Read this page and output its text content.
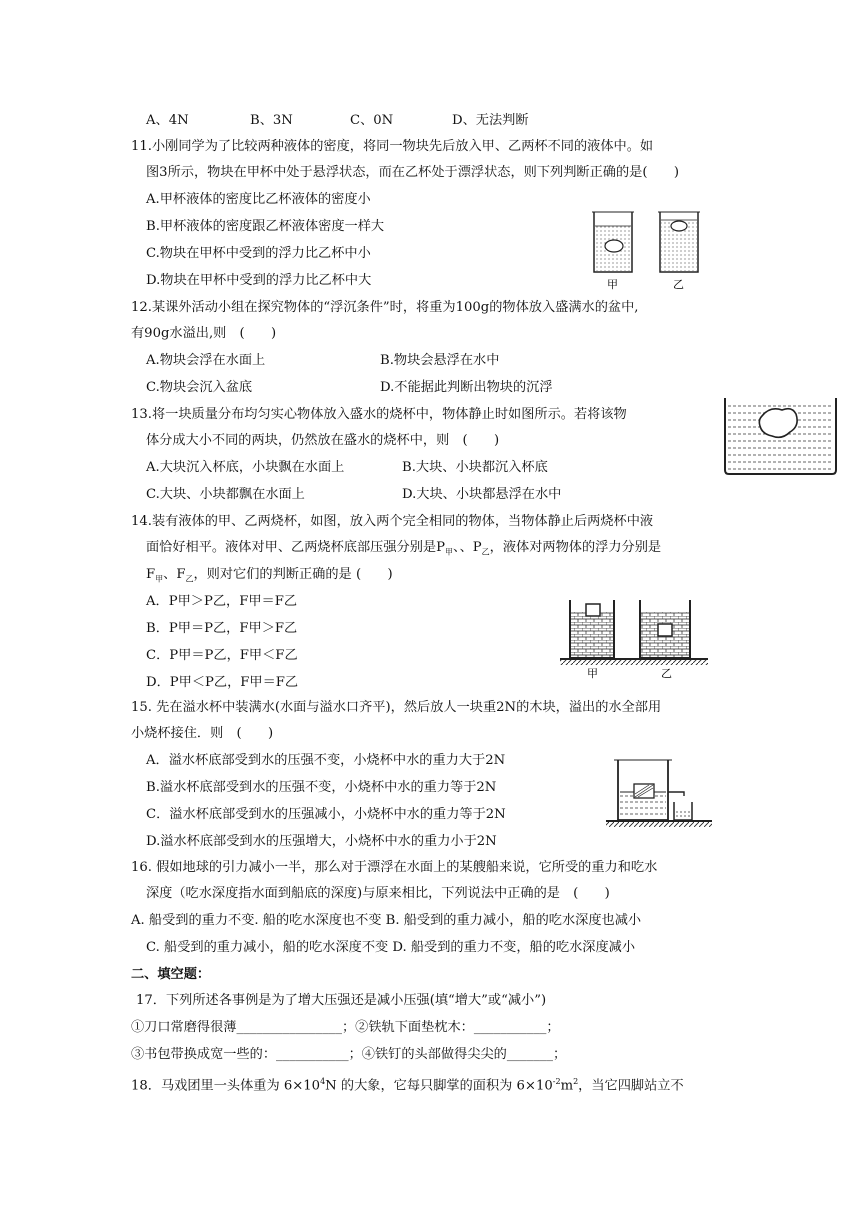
A、4N	B、3N	C、0N	D、无法判断
11.小刚同学为了比较两种液体的密度，将同一物块先后放入甲、乙两杯不同的液体中。如
图3所示，物块在甲杯中处于悬浮状态，而在乙杯处于漂浮状态，则下列判断正确的是(　　)
A.甲杯液体的密度比乙杯液体的密度小
B.甲杯液体的密度跟乙杯液体密度一样大
C.物块在甲杯中受到的浮力比乙杯中小
D.物块在甲杯中受到的浮力比乙杯中大	甲	乙
12.某课外活动小组在探究物体的“浮沉条件”时，将重为100g的物体放入盛满水的盆中,
有90g水溢出,则　(　　)
A.物块会浮在水面上	B.物块会悬浮在水中
C.物块会沉入盆底	D.不能据此判断出物块的沉浮
13.将一块质量分布均匀实心物体放入盛水的烧杯中，物体静止时如图所示。若将该物
体分成大小不同的两块，仍然放在盛水的烧杯中，则　(　　)
A.大块沉入杯底，小块飘在水面上	B.大块、小块都沉入杯底
C.大块、小块都飘在水面上	D.大块、小块都悬浮在水中
14.装有液体的甲、乙两烧杯，如图，放入两个完全相同的物体，当物体静止后两烧杯中液
面恰好相平。液体对甲、乙两烧杯底部压强分别是$P_甲$、、$P_乙$，液体对两物体的浮力分别是
$F_甲$、$F_乙$，则对它们的判断正确的是 (　　)
A．P甲＞P乙，F甲＝F乙
B．P甲＝P乙，F甲＞F乙
C．P甲＝P乙，F甲＜F乙
D．P甲＜P乙，F甲＝F乙
甲	乙
15. 先在溢水杯中装满水(水面与溢水口齐平)，然后放人一块重2N的木块，溢出的水全部用
小烧杯接住．则　(　　)
A．溢水杯底部受到水的压强不变，小烧杯中水的重力大于2N
B.溢水杯底部受到水的压强不变，小烧杯中水的重力等于2N
C．溢水杯底部受到水的压强减小，小烧杯中水的重力等于2N
D.溢水杯底部受到水的压强增大，小烧杯中水的重力小于2N
16. 假如地球的引力减小一半，那么对于漂浮在水面上的某艘船来说，它所受的重力和吃水
深度（吃水深度指水面到船底的深度)与原来相比，下列说法中正确的是　(　　)
A. 船受到的重力不变. 船的吃水深度也不变 B. 船受到的重力减小，船的吃水深度也减小
C. 船受到的重力减小，船的吃水深度不变 D. 船受到的重力不变，船的吃水深度减小
二、填空题：
17．下列所述各事例是为了增大压强还是减小压强(填“增大”或“减小”)
①刀口常磨得很薄________________；②铁轨下面垫枕木：___________；
③书包带换成宽一些的：___________；④铁钉的头部做得尖尖的_______；
18．马戏团里一头体重为 $6\times 10^4N$ 的大象，它每只脚掌的面积为 $6\times 10^{-2}m^2$，当它四脚站立不
